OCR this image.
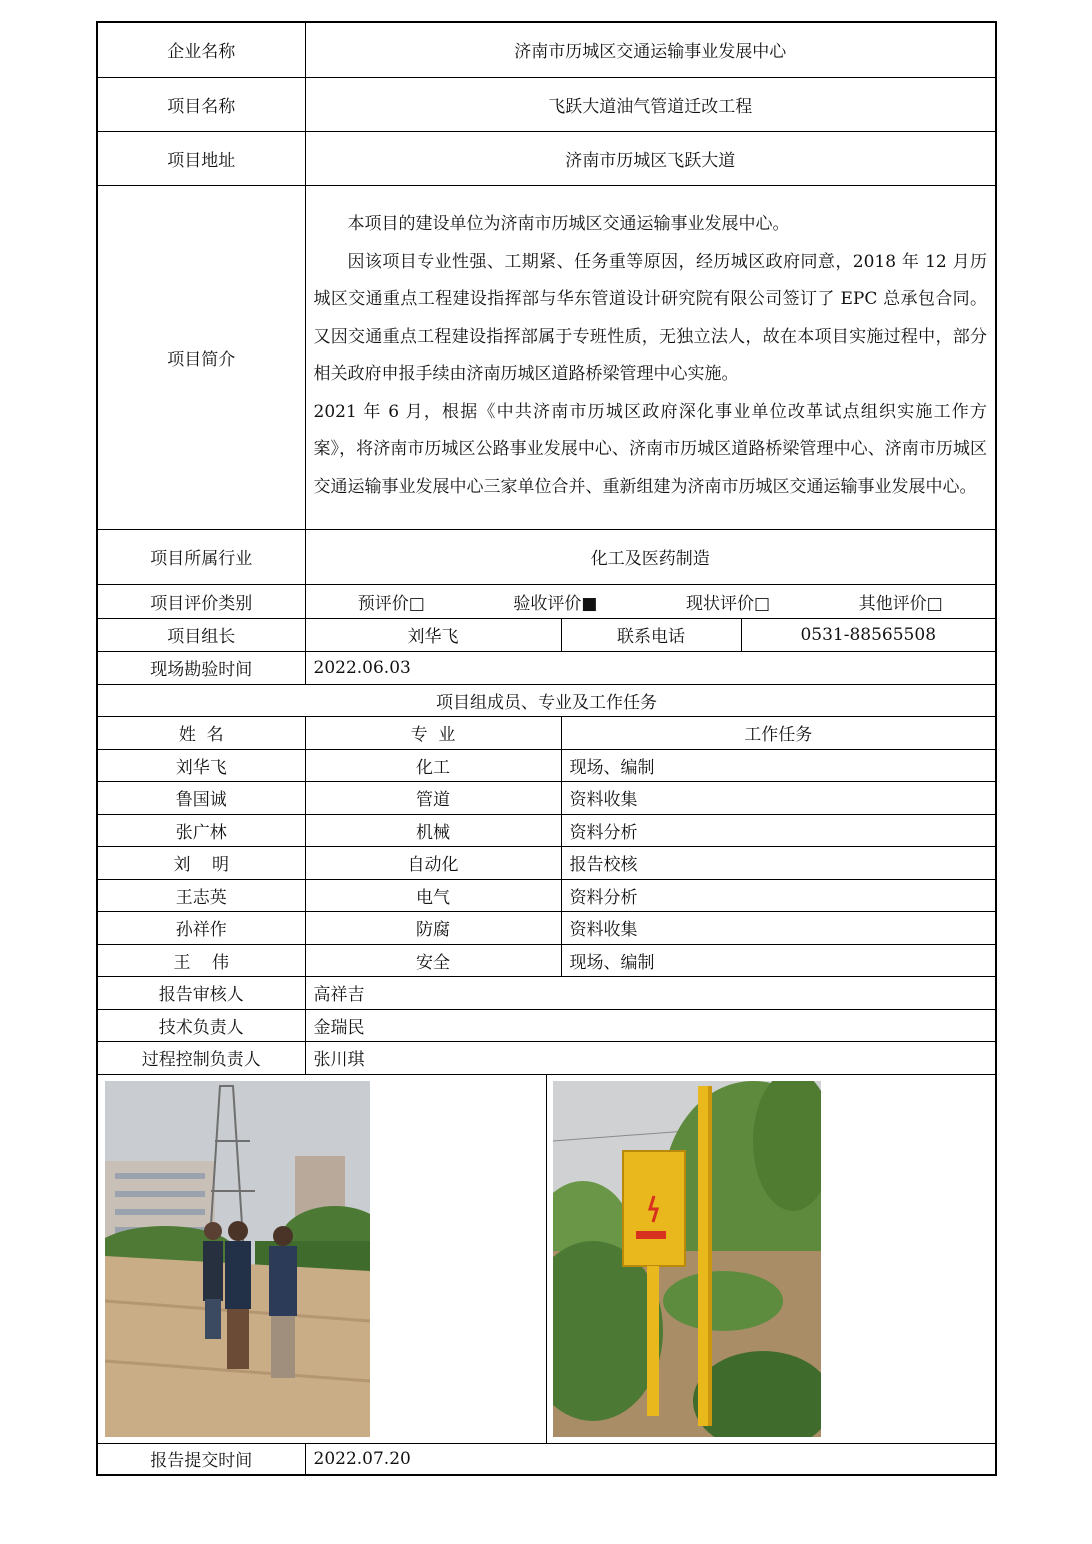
企业名称	济南市历城区交通运输事业发展中心		
项目名称	飞跃大道油气管道迁改工程		
项目地址	济南市历城区飞跃大道		
项目简介	本项目的建设单位为济南市历城区交通运输事业发展中心。

因该项目专业性强、工期紧、任务重等原因，经历城区政府同意，2018 年 12 月历城区交通重点工程建设指挥部与华东管道设计研究院有限公司签订了 EPC 总承包合同。又因交通重点工程建设指挥部属于专班性质，无独立法人，故在本项目实施过程中，部分相关政府申报手续由济南历城区道路桥梁管理中心实施。

2021 年 6 月，根据《中共济南市历城区政府深化事业单位改革试点组织实施工作方案》，将济南市历城区公路事业发展中心、济南市历城区道路桥梁管理中心、济南市历城区交通运输事业发展中心三家单位合并、重新组建为济南市历城区交通运输事业发展中心。		

项目所属行业	化工及医药制造		
项目评价类别	预评价□ 验收评价■ 现状评价□ 其他评价□		

项目组长	刘华飞	联系电话	0531-88565508
现场勘验时间	2022.06.03		
项目组成员、专业及工作任务			
姓  名	专  业	工作任务	
刘华飞	化工	现场、编制	
鲁国诚	管道	资料收集	
张广林	机械	资料分析	
刘    明	自动化	报告校核	
王志英	电气	资料分析	
孙祥作	防腐	资料收集	
王    伟	安全	现场、编制	
报告审核人	高祥吉		
技术负责人	金瑞民		
过程控制负责人	张川琪		

报告提交时间	2022.07.20		
